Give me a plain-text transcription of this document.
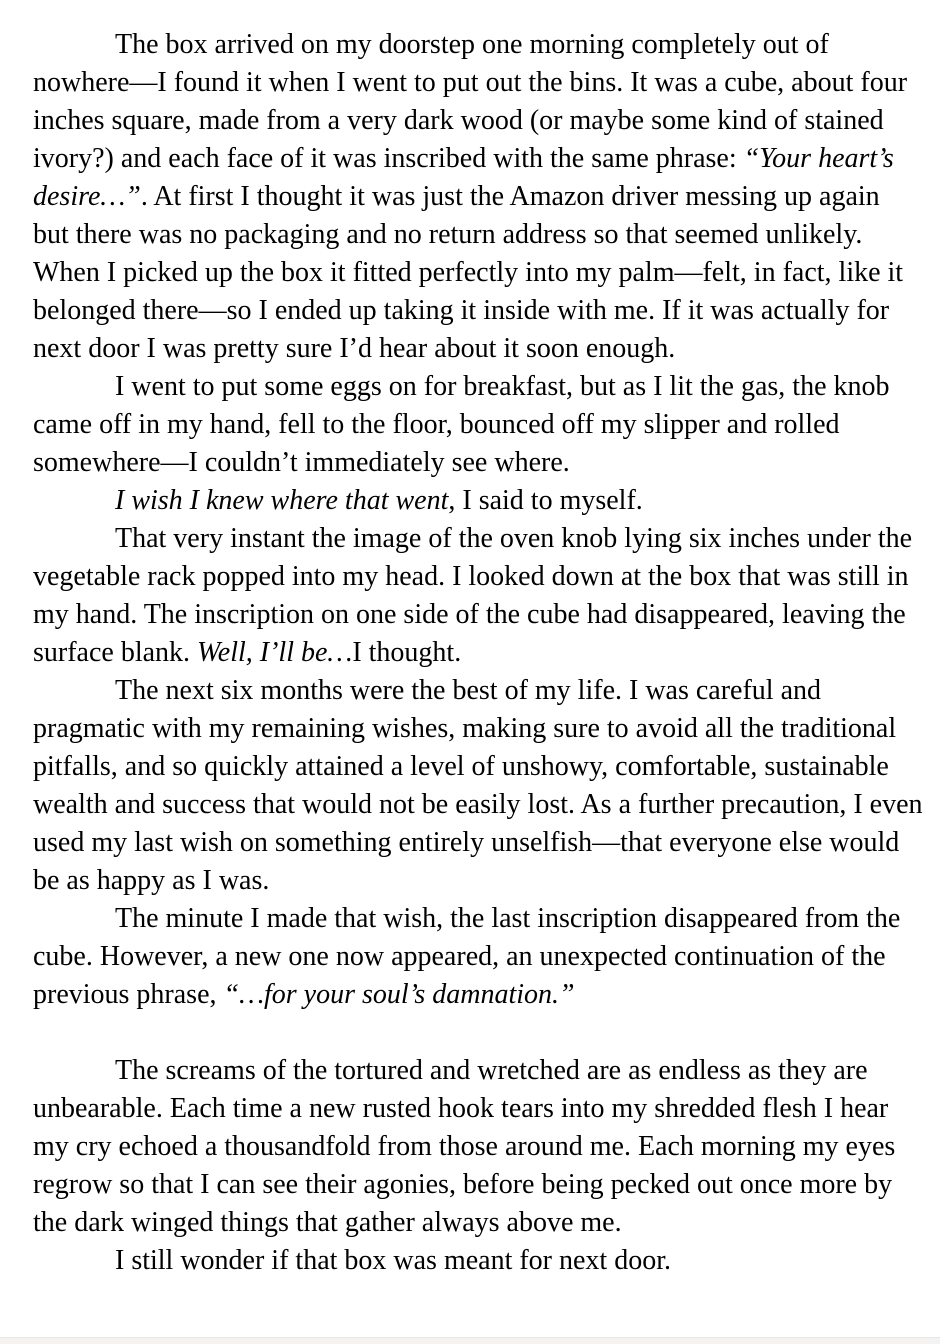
The box arrived on my doorstep one morning completely out of nowhere—I found it when I went to put out the bins. It was a cube, about four inches square, made from a very dark wood (or maybe some kind of stained ivory?) and each face of it was inscribed with the same phrase: “Your heart’s desire…”. At first I thought it was just the Amazon driver messing up again  but there was no packaging and no return address so that seemed unlikely. When I picked up the box it fitted perfectly into my palm—felt, in fact, like it belonged there—so I ended up taking it inside with me. If it was actually for next door I was pretty sure I’d hear about it soon enough.

I went to put some eggs on for breakfast, but as I lit the gas, the knob came off in my hand, fell to the floor, bounced off my slipper and rolled somewhere—I couldn’t immediately see where.

I wish I knew where that went, I said to myself.

That very instant the image of the oven knob lying six inches under the vegetable rack popped into my head. I looked down at the box that was still in my hand. The inscription on one side of the cube had disappeared, leaving the surface blank. Well, I’ll be…I thought.

The next six months were the best of my life. I was careful and pragmatic with my remaining wishes, making sure to avoid all the traditional pitfalls, and so quickly attained a level of unshowy, comfortable, sustainable wealth and success that would not be easily lost. As a further precaution, I even used my last wish on something entirely unselfish—that everyone else would be as happy as I was.

The minute I made that wish, the last inscription disappeared from the cube. However, a new one now appeared, an unexpected continuation of the previous phrase, “…for your soul’s damnation.”

The screams of the tortured and wretched are as endless as they are unbearable. Each time a new rusted hook tears into my shredded flesh I hear my cry echoed a thousandfold from those around me. Each morning my eyes regrow so that I can see their agonies, before being pecked out once more by the dark winged things that gather always above me.

I still wonder if that box was meant for next door.
